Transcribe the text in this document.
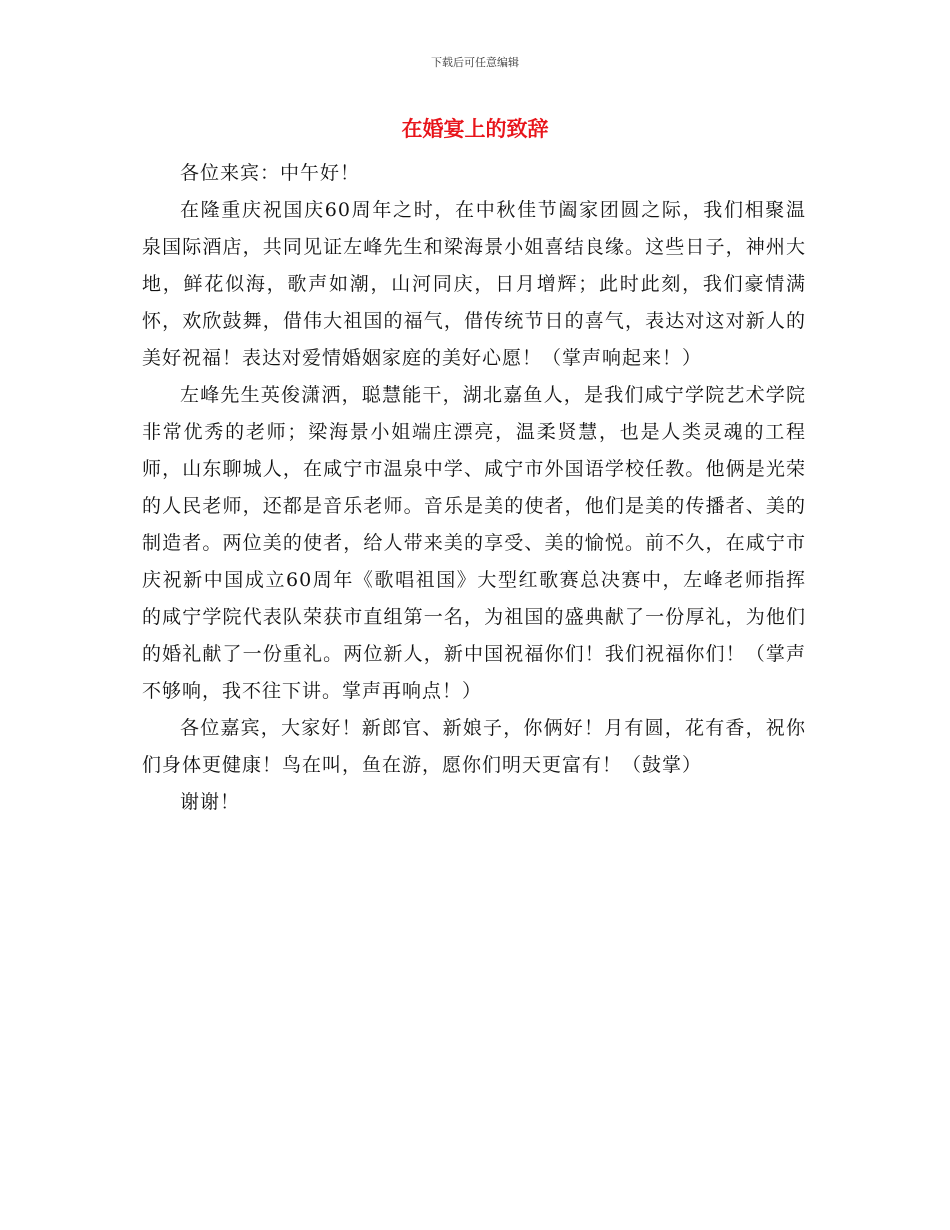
下载后可任意编辑
在婚宴上的致辞

各位来宾：中午好！

在隆重庆祝国庆60周年之时，在中秋佳节阖家团圆之际，我们相聚温泉国际酒店，共同见证左峰先生和梁海景小姐喜结良缘。这些日子，神州大地，鲜花似海，歌声如潮，山河同庆，日月增辉；此时此刻，我们豪情满怀，欢欣鼓舞，借伟大祖国的福气，借传统节日的喜气，表达对这对新人的美好祝福！表达对爱情婚姻家庭的美好心愿！（掌声响起来！）

左峰先生英俊潇洒，聪慧能干，湖北嘉鱼人，是我们咸宁学院艺术学院非常优秀的老师；梁海景小姐端庄漂亮，温柔贤慧，也是人类灵魂的工程师，山东聊城人，在咸宁市温泉中学、咸宁市外国语学校任教。他俩是光荣的人民老师，还都是音乐老师。音乐是美的使者，他们是美的传播者、美的制造者。两位美的使者，给人带来美的享受、美的愉悦。前不久，在咸宁市庆祝新中国成立60周年《歌唱祖国》大型红歌赛总决赛中，左峰老师指挥的咸宁学院代表队荣获市直组第一名，为祖国的盛典献了一份厚礼，为他们的婚礼献了一份重礼。两位新人，新中国祝福你们！我们祝福你们！（掌声不够响，我不往下讲。掌声再响点！）

各位嘉宾，大家好！新郎官、新娘子，你俩好！月有圆，花有香，祝你们身体更健康！鸟在叫，鱼在游，愿你们明天更富有！（鼓掌）

谢谢！
